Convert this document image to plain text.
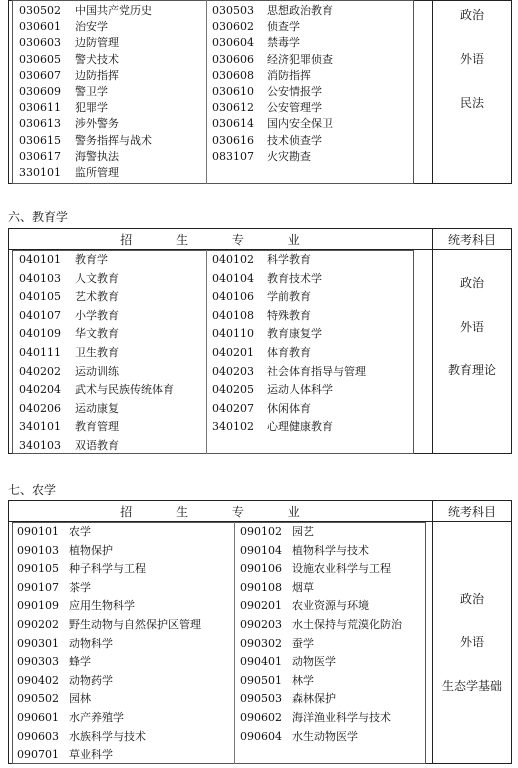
030502 中国共产党历史	030503 思想政治教育
030601 治安学	030602 侦查学
030603 边防管理	030604 禁毒学
030605 警犬技术	030606 经济犯罪侦查
030607 边防指挥	030608 消防指挥
030609 警卫学	030610 公安情报学
030611 犯罪学	030612 公安管理学
030613 涉外警务	030614 国内安全保卫
030615 警务指挥与战术	030616 技术侦查学
030617 海警执法	083107 火灾勘查
330101 监所管理
政治
外语
民法
六、教育学
招 生 专 业	统考科目
040101 教育学	040102 科学教育
040103 人文教育	040104 教育技术学
040105 艺术教育	040106 学前教育
040107 小学教育	040108 特殊教育
040109 华文教育	040110 教育康复学
040111 卫生教育	040201 体育教育
040202 运动训练	040203 社会体育指导与管理
040204 武术与民族传统体育	040205 运动人体科学
040206 运动康复	040207 休闲体育
340101 教育管理	340102 心理健康教育
340103 双语教育
政治
外语
教育理论
七、农学
招 生 专 业	统考科目
090101 农学	090102 园艺
090103 植物保护	090104 植物科学与技术
090105 种子科学与工程	090106 设施农业科学与工程
090107 茶学	090108 烟草
090109 应用生物科学	090201 农业资源与环境
090202 野生动物与自然保护区管理	090203 水土保持与荒漠化防治
090301 动物科学	090302 蚕学
090303 蜂学	090401 动物医学
090402 动物药学	090501 林学
090502 园林	090503 森林保护
090601 水产养殖学	090602 海洋渔业科学与技术
090603 水族科学与技术	090604 水生动物医学
090701 草业科学
政治
外语
生态学基础
